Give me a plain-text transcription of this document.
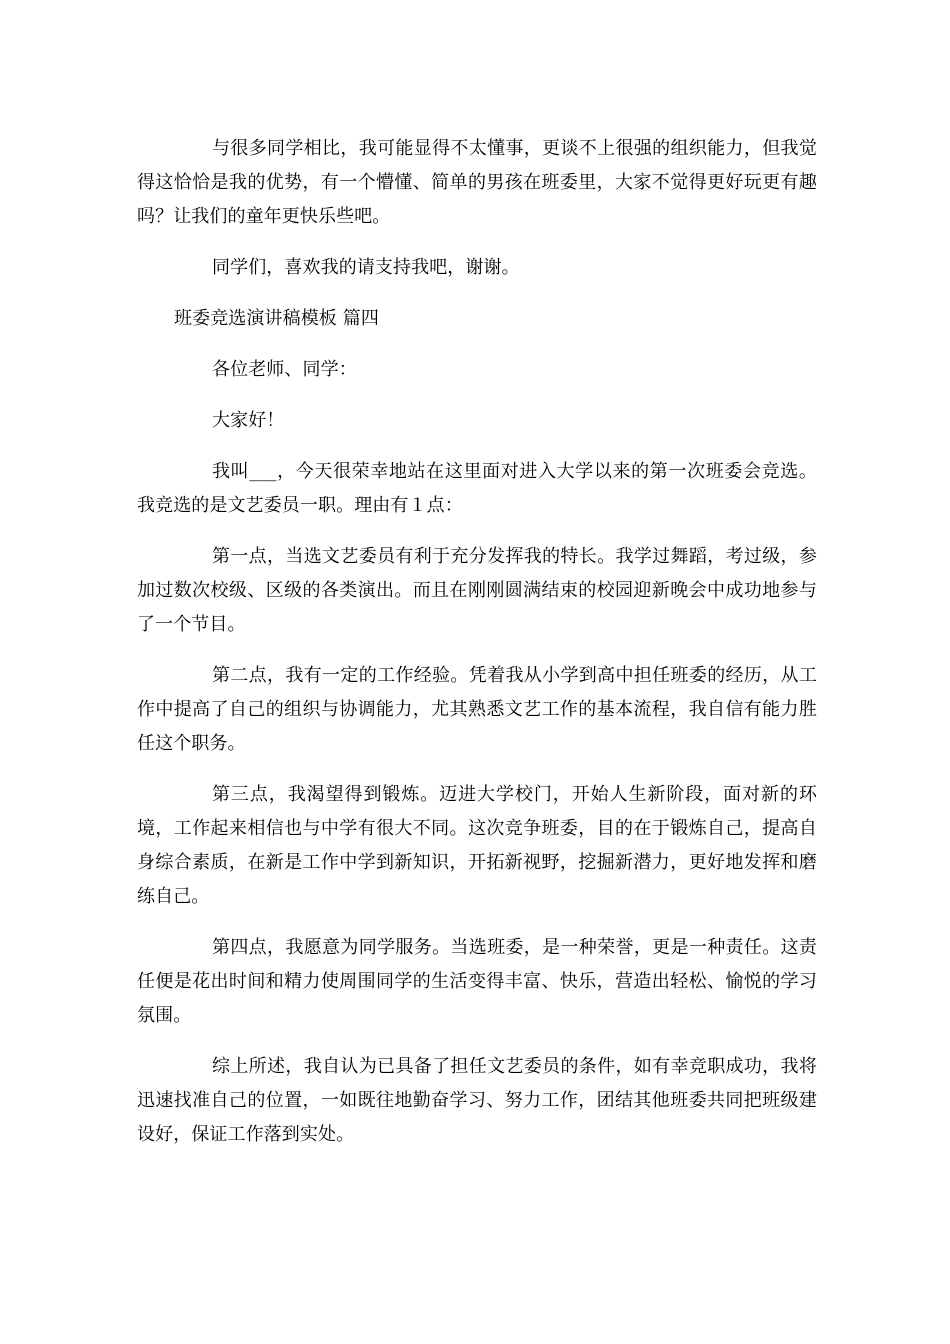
与很多同学相比，我可能显得不太懂事，更谈不上很强的组织能力，但我觉得这恰恰是我的优势，有一个懵懂、简单的男孩在班委里，大家不觉得更好玩更有趣吗？让我们的童年更快乐些吧。

同学们，喜欢我的请支持我吧，谢谢。

班委竞选演讲稿模板 篇四

各位老师、同学：

大家好！

我叫___，今天很荣幸地站在这里面对进入大学以来的第一次班委会竞选。我竞选的是文艺委员一职。理由有１点：

第一点，当选文艺委员有利于充分发挥我的特长。我学过舞蹈，考过级，参加过数次校级、区级的各类演出。而且在刚刚圆满结束的校园迎新晚会中成功地参与了一个节目。

第二点，我有一定的工作经验。凭着我从小学到高中担任班委的经历，从工作中提高了自己的组织与协调能力，尤其熟悉文艺工作的基本流程，我自信有能力胜任这个职务。

第三点，我渴望得到锻炼。迈进大学校门，开始人生新阶段，面对新的环境，工作起来相信也与中学有很大不同。这次竞争班委，目的在于锻炼自己，提高自身综合素质，在新是工作中学到新知识，开拓新视野，挖掘新潜力，更好地发挥和磨练自己。

第四点，我愿意为同学服务。当选班委，是一种荣誉，更是一种责任。这责任便是花出时间和精力使周围同学的生活变得丰富、快乐，营造出轻松、愉悦的学习氛围。

综上所述，我自认为已具备了担任文艺委员的条件，如有幸竞职成功，我将迅速找准自己的位置，一如既往地勤奋学习、努力工作，团结其他班委共同把班级建设好，保证工作落到实处。
